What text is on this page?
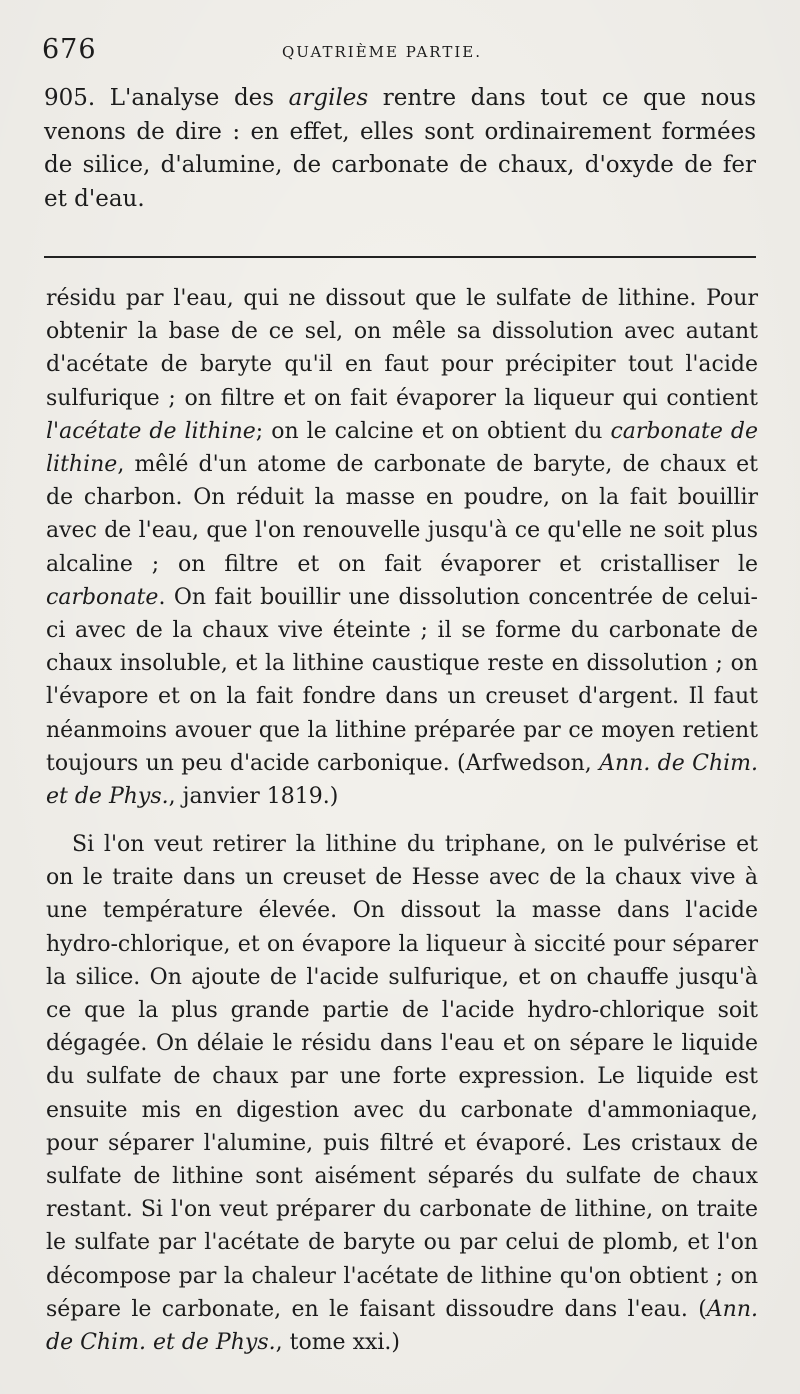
676	QUATRIÈME PARTIE.

905. L'analyse des argiles rentre dans tout ce que nous venons de dire : en effet, elles sont ordinairement formées de silice, d'alumine, de carbonate de chaux, d'oxyde de fer et d'eau.

résidu par l'eau, qui ne dissout que le sulfate de lithine. Pour obtenir la base de ce sel, on mêle sa dissolution avec autant d'acétate de baryte qu'il en faut pour précipiter tout l'acide sulfurique ; on filtre et on fait évaporer la liqueur qui contient l'acétate de lithine; on le calcine et on obtient du carbonate de lithine, mêlé d'un atome de carbonate de baryte, de chaux et de charbon. On réduit la masse en poudre, on la fait bouillir avec de l'eau, que l'on renouvelle jusqu'à ce qu'elle ne soit plus alcaline ; on filtre et on fait évaporer et cristalliser le carbonate. On fait bouillir une dissolution concentrée de celui-ci avec de la chaux vive éteinte ; il se forme du carbonate de chaux insoluble, et la lithine caustique reste en dissolution ; on l'évapore et on la fait fondre dans un creuset d'argent. Il faut néanmoins avouer que la lithine préparée par ce moyen retient toujours un peu d'acide carbonique. (Arfwedson, Ann. de Chim. et de Phys., janvier 1819.)

Si l'on veut retirer la lithine du triphane, on le pulvérise et on le traite dans un creuset de Hesse avec de la chaux vive à une température élevée. On dissout la masse dans l'acide hydro-chlorique, et on évapore la liqueur à siccité pour séparer la silice. On ajoute de l'acide sulfurique, et on chauffe jusqu'à ce que la plus grande partie de l'acide hydro-chlorique soit dégagée. On délaie le résidu dans l'eau et on sépare le liquide du sulfate de chaux par une forte expression. Le liquide est ensuite mis en digestion avec du carbonate d'ammoniaque, pour séparer l'alumine, puis filtré et évaporé. Les cristaux de sulfate de lithine sont aisément séparés du sulfate de chaux restant. Si l'on veut préparer du carbonate de lithine, on traite le sulfate par l'acétate de baryte ou par celui de plomb, et l'on décompose par la chaleur l'acétate de lithine qu'on obtient ; on sépare le carbonate, en le faisant dissoudre dans l'eau. (Ann. de Chim. et de Phys., tome xxi.)
